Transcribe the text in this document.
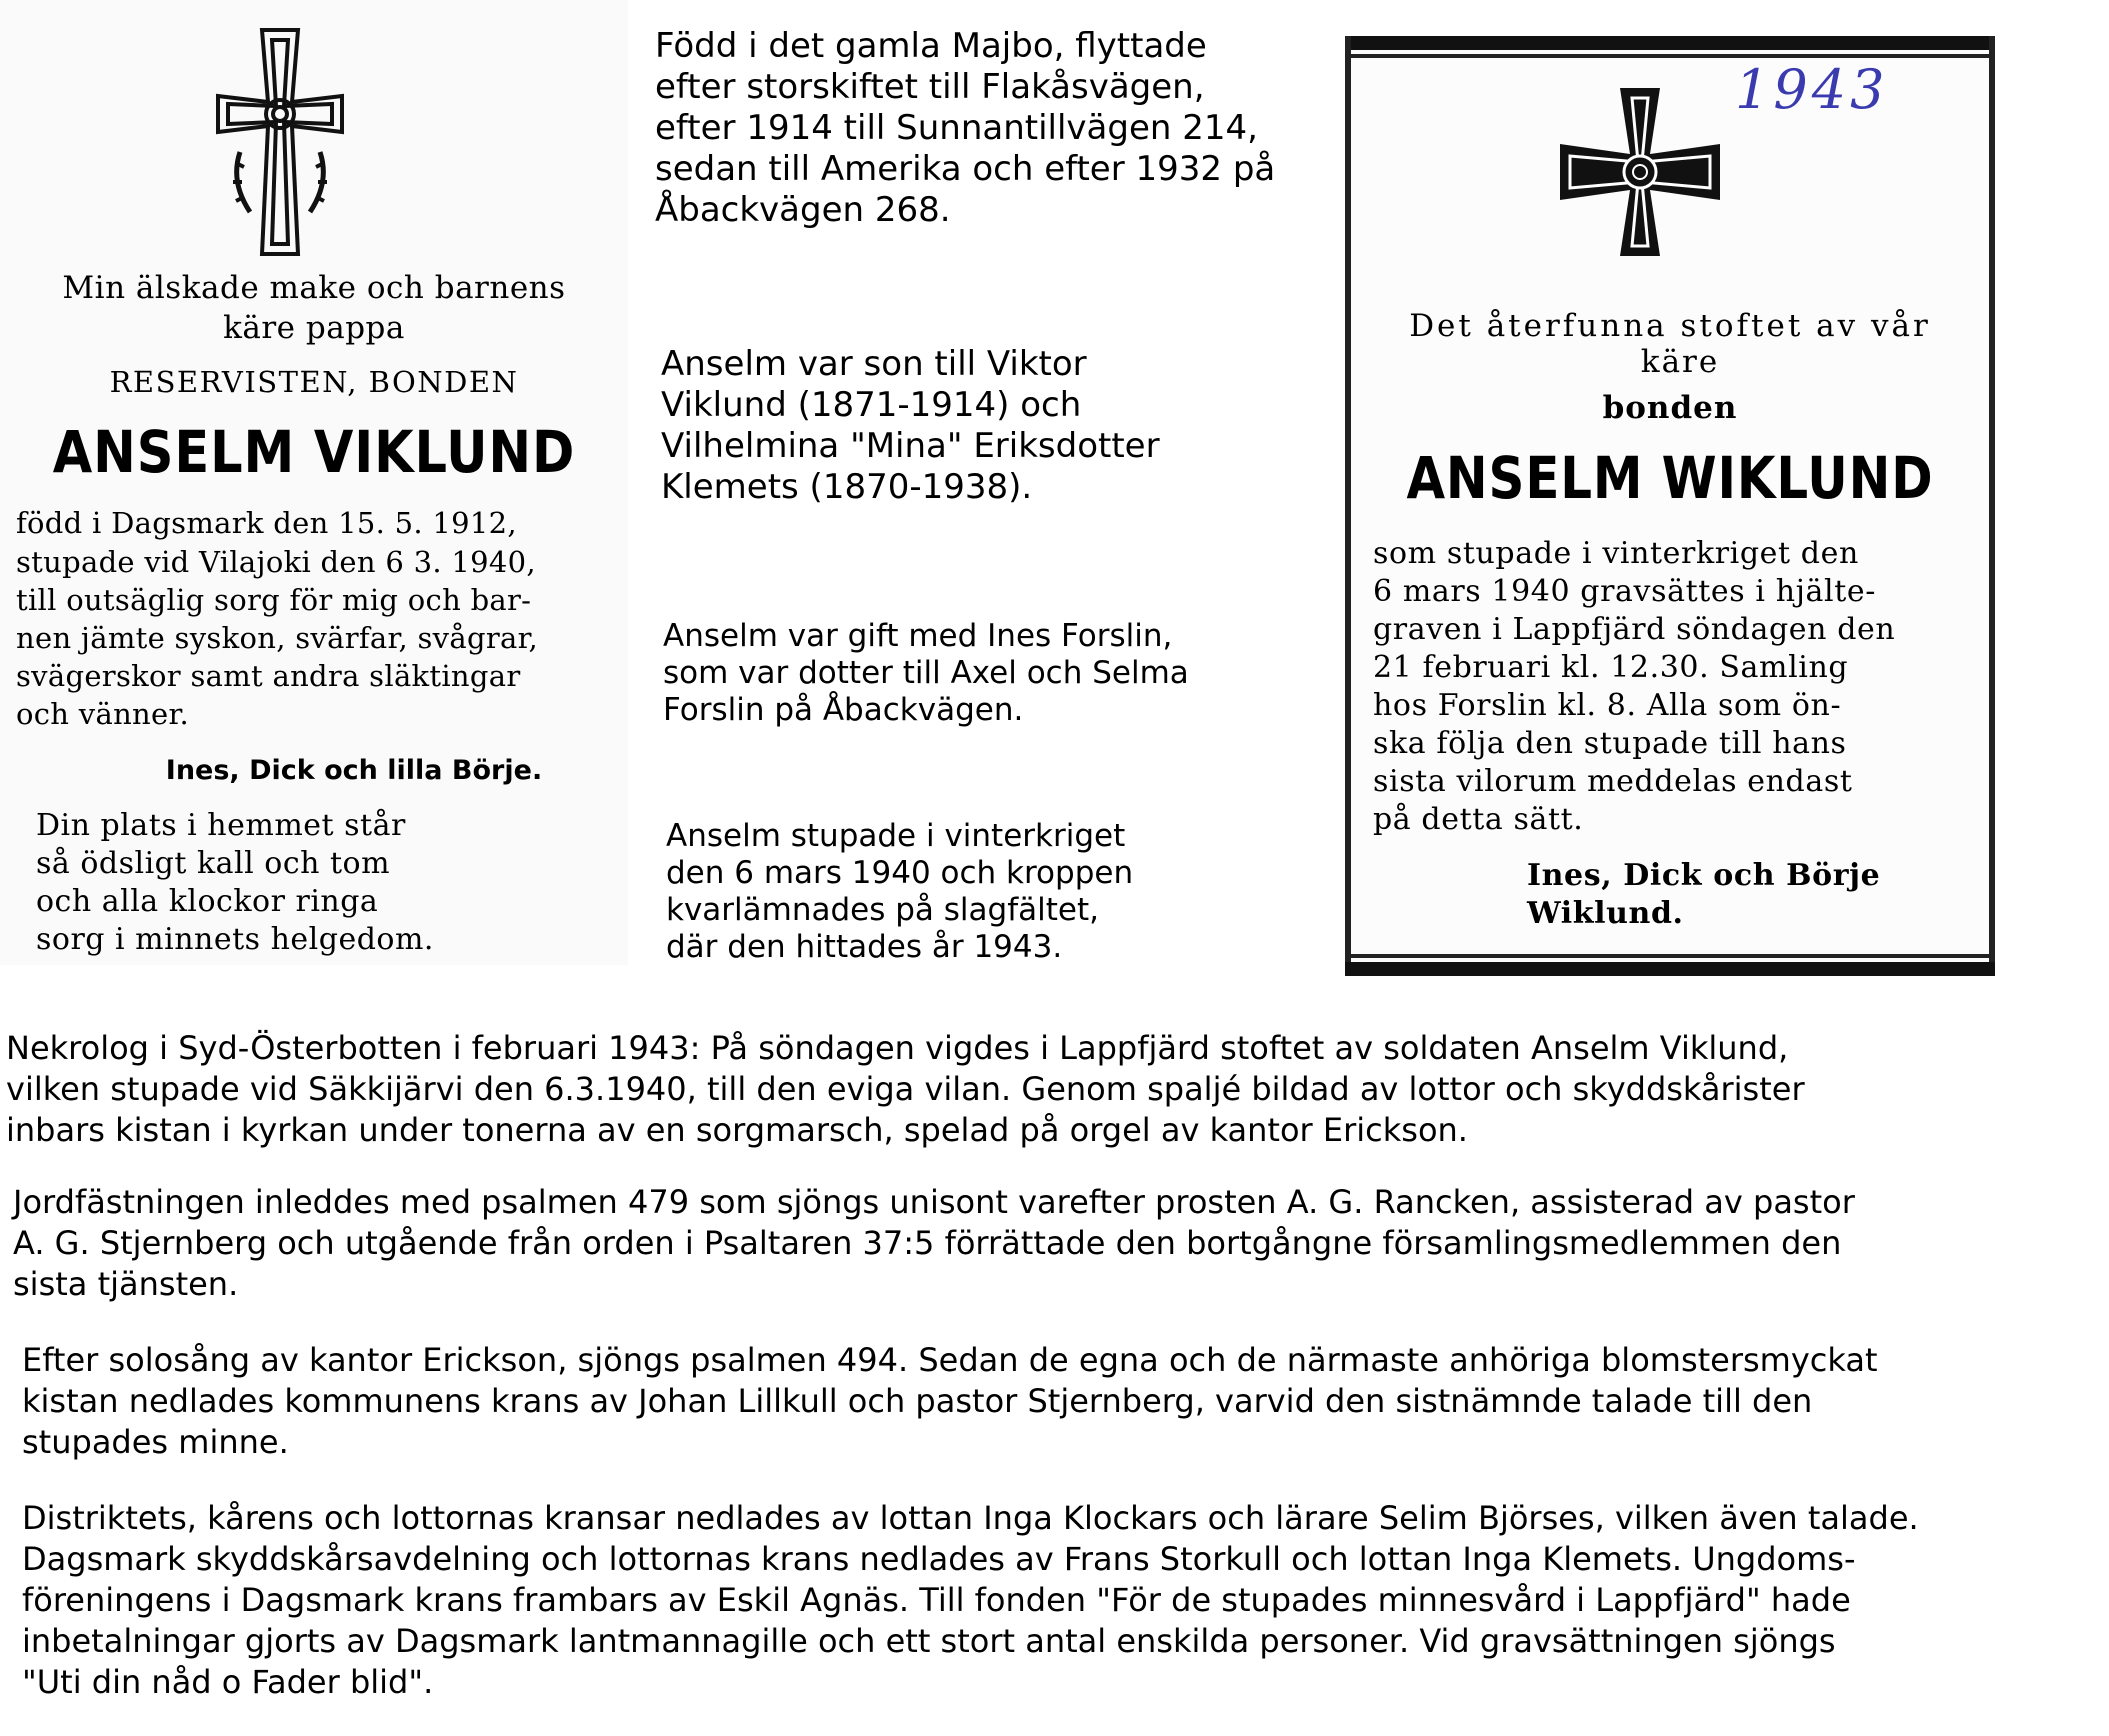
Min älskade make och barnens
käre pappa
RESERVISTEN, BONDEN
ANSELM VIKLUND
född i Dagsmark den 15. 5. 1912,
stupade vid Vilajoki den 6 3. 1940,
till outsäglig sorg för mig och bar-
nen jämte syskon, svärfar, svågrar,
svägerskor samt andra släktingar
och vänner.
Ines, Dick och lilla Börje.
Din plats i hemmet står
så ödsligt kall och tom
och alla klockor ringa
sorg i minnets helgedom.
1943
Det återfunna stoftet av vår
käre
bonden
ANSELM WIKLUND
som stupade i vinterkriget den
6 mars 1940 gravsättes i hjälte-
graven i Lappfjärd söndagen den
21 februari kl. 12.30. Samling
hos Forslin kl. 8. Alla som ön-
ska följa den stupade till hans
sista vilorum meddelas endast
på detta sätt.
Ines, Dick och Börje
Wiklund.
Född i det gamla Majbo, flyttade
efter storskiftet till Flakåsvägen,
efter 1914 till Sunnantillvägen 214,
sedan till Amerika och efter 1932 på
Åbackvägen 268.
Anselm var son till Viktor
Viklund (1871-1914) och
Vilhelmina "Mina" Eriksdotter
Klemets (1870-1938).
Anselm var gift med Ines Forslin,
som var dotter till Axel och Selma
Forslin på Åbackvägen.
Anselm stupade i vinterkriget
den 6 mars 1940 och kroppen
kvarlämnades på slagfältet,
där den hittades år 1943.
Nekrolog i Syd-Österbotten i februari 1943: På söndagen vigdes i Lappfjärd stoftet av soldaten Anselm Viklund,
vilken stupade vid Säkkijärvi den 6.3.1940, till den eviga vilan. Genom spaljé bildad av lottor och skyddskårister
inbars kistan i kyrkan under tonerna av en sorgmarsch, spelad på orgel av kantor Erickson.
Jordfästningen inleddes med psalmen 479 som sjöngs unisont varefter prosten A. G. Rancken, assisterad av pastor
A. G. Stjernberg och utgående från orden i Psaltaren 37:5 förrättade den bortgångne församlingsmedlemmen den
sista tjänsten.
Efter solosång av kantor Erickson, sjöngs psalmen 494. Sedan de egna och de närmaste anhöriga blomstersmyckat
kistan nedlades kommunens krans av Johan Lillkull och pastor Stjernberg, varvid den sistnämnde talade till den
stupades minne.
Distriktets, kårens och lottornas kransar nedlades av lottan Inga Klockars och lärare Selim Björses, vilken även talade.
Dagsmark skyddskårsavdelning och lottornas krans nedlades av Frans Storkull och lottan Inga Klemets. Ungdoms-
föreningens i Dagsmark krans frambars av Eskil Agnäs. Till fonden "För de stupades minnesvård i Lappfjärd" hade
inbetalningar gjorts av Dagsmark lantmannagille och ett stort antal enskilda personer. Vid gravsättningen sjöngs
"Uti din nåd o Fader blid".
